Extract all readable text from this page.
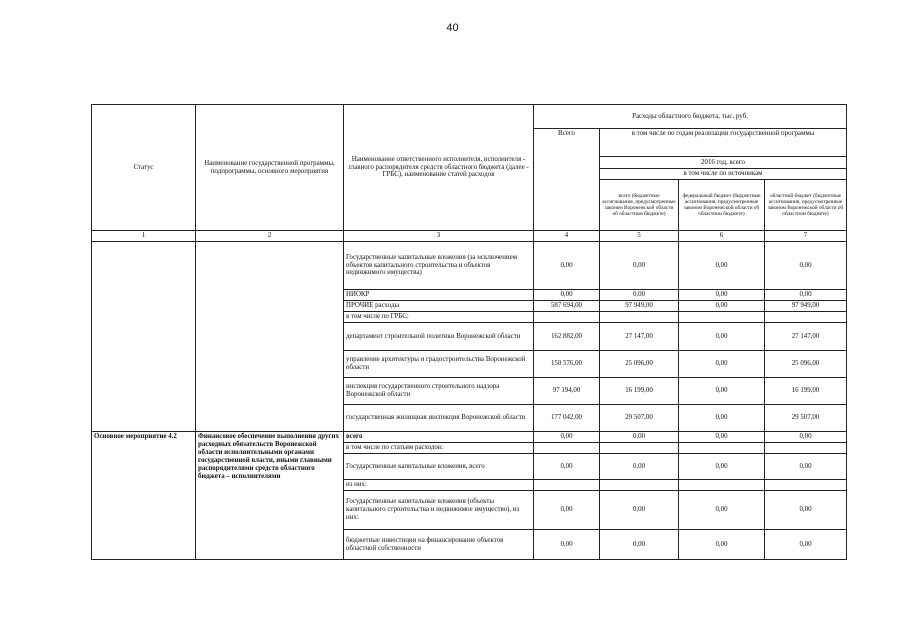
40
Статус	Наименование государственной программы, подпрограммы, основного мероприятия	Наименование ответственного исполнителя, исполнителя - главного распорядителя средств областного бюджета (далее - ГРБС), наименование статей расходов	Расходы областного бюджета, тыс. руб.			
			Всего	в том числе по годам реализации государственной программы		
				2016 год, всего		
				в том числе по источникам		
				всего (бюджетные ассигнования, предусмотренные законом Воронежской области об областном бюджете)	федеральный бюджет (бюджетные ассигнования, предусмотренные законом Воронежской области об областном бюджете)	областной бюджет (бюджетные ассигнования, предусмотренные законом Воронежской области об областном бюджете)
1	2	3	4	5	6	7
		Государственные капитальные вложения (за исключением объектов капитального строительства и объектов недвижимого имущества)	0,00	0,00	0,00	0,00
		НИОКР	0,00	0,00	0,00	0,00
		ПРОЧИЕ расходы	587 694,00	97 949,00	0,00	97 949,00
		в том числе по ГРБС:				
		департамент строительной политики Воронежской области	162 882,00	27 147,00	0,00	27 147,00
		управление архитектуры и градостроительства Воронежской области	150 576,00	25 096,00	0,00	25 096,00
		инспекция государственного строительного надзора Воронежской области	97 194,00	16 199,00	0,00	16 199,00
		государственная жилищная инспекция Воронежской области	177 042,00	29 507,00	0,00	29 507,00
Основное мероприятие 4.2	Финансовое обеспечение выполнения других расходных обязательств Воронежской области исполнительными органами государственной власти, иными главными распорядителями средств областного бюджета – исполнителями	всего	0,00	0,00	0,00	0,00
		в том числе по статьям расходов:				
		Государственные капитальные вложения, всего	0,00	0,00	0,00	0,00
		из них:				
		Государственные капитальные вложения (объекты капитального строительства и недвижимое имущество), из них:	0,00	0,00	0,00	0,00
		бюджетные инвестиции на финансирование объектов областной собственности	0,00	0,00	0,00	0,00
